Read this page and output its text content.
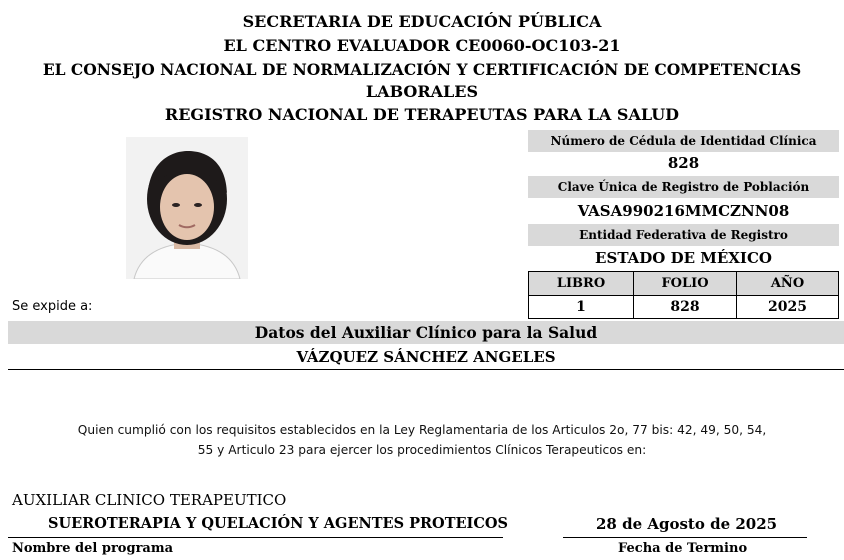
SECRETARIA DE EDUCACIÓN PÚBLICA
EL CENTRO EVALUADOR CE0060-OC103-21
EL CONSEJO NACIONAL DE NORMALIZACIÓN Y CERTIFICACIÓN DE COMPETENCIAS
LABORALES
REGISTRO NACIONAL DE TERAPEUTAS PARA LA SALUD
Número de Cédula de Identidad Clínica
828
Clave Única de Registro de Población
VASA990216MMCZNN08
Entidad Federativa de Registro
ESTADO DE MÉXICO
LIBRO	FOLIO	AÑO
1	828	2025
Se expide a:
Datos del Auxiliar Clínico para la Salud
VÁZQUEZ SÁNCHEZ ANGELES
Quien cumplió con los requisitos establecidos en la Ley Reglamentaria de los Articulos 2o, 77 bis: 42, 49, 50, 54,
55 y Articulo 23 para ejercer los procedimientos Clínicos Terapeuticos en:
AUXILIAR CLINICO TERAPEUTICO
SUEROTERAPIA Y QUELACIÓN Y AGENTES PROTEICOS	28 de Agosto de 2025
Nombre del programa	Fecha de Termino
